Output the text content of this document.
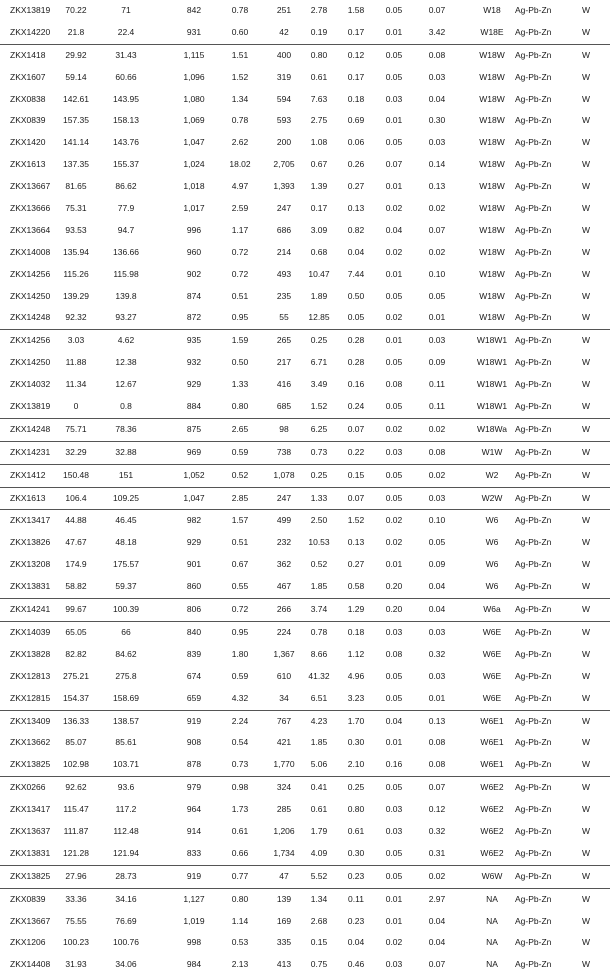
ZKX13819	70.22	71	842	0.78	251	2.78	1.58	0.05	0.07	W18	Ag-Pb-Zn	W
ZKX14220	21.8	22.4	931	0.60	42	0.19	0.17	0.01	3.42	W18E	Ag-Pb-Zn	W
ZKX1418	29.92	31.43	1,115	1.51	400	0.80	0.12	0.05	0.08	W18W	Ag-Pb-Zn	W
ZKX1607	59.14	60.66	1,096	1.52	319	0.61	0.17	0.05	0.03	W18W	Ag-Pb-Zn	W
ZKX0838	142.61	143.95	1,080	1.34	594	7.63	0.18	0.03	0.04	W18W	Ag-Pb-Zn	W
ZKX0839	157.35	158.13	1,069	0.78	593	2.75	0.69	0.01	0.30	W18W	Ag-Pb-Zn	W
ZKX1420	141.14	143.76	1,047	2.62	200	1.08	0.06	0.05	0.03	W18W	Ag-Pb-Zn	W
ZKX1613	137.35	155.37	1,024	18.02	2,705	0.67	0.26	0.07	0.14	W18W	Ag-Pb-Zn	W
ZKX13667	81.65	86.62	1,018	4.97	1,393	1.39	0.27	0.01	0.13	W18W	Ag-Pb-Zn	W
ZKX13666	75.31	77.9	1,017	2.59	247	0.17	0.13	0.02	0.02	W18W	Ag-Pb-Zn	W
ZKX13664	93.53	94.7	996	1.17	686	3.09	0.82	0.04	0.07	W18W	Ag-Pb-Zn	W
ZKX14008	135.94	136.66	960	0.72	214	0.68	0.04	0.02	0.02	W18W	Ag-Pb-Zn	W
ZKX14256	115.26	115.98	902	0.72	493	10.47	7.44	0.01	0.10	W18W	Ag-Pb-Zn	W
ZKX14250	139.29	139.8	874	0.51	235	1.89	0.50	0.05	0.05	W18W	Ag-Pb-Zn	W
ZKX14248	92.32	93.27	872	0.95	55	12.85	0.05	0.02	0.01	W18W	Ag-Pb-Zn	W
ZKX14256	3.03	4.62	935	1.59	265	0.25	0.28	0.01	0.03	W18W1 Ag-Pb-Zn	W
ZKX14250	11.88	12.38	932	0.50	217	6.71	0.28	0.05	0.09	W18W1 Ag-Pb-Zn	W
ZKX14032	11.34	12.67	929	1.33	416	3.49	0.16	0.08	0.11	W18W1 Ag-Pb-Zn	W
ZKX13819	0	0.8	884	0.80	685	1.52	0.24	0.05	0.11	W18W1 Ag-Pb-Zn	W
ZKX14248	75.71	78.36	875	2.65	98	6.25	0.07	0.02	0.02	W18Wa Ag-Pb-Zn	W
ZKX14231	32.29	32.88	969	0.59	738	0.73	0.22	0.03	0.08	W1W	Ag-Pb-Zn	W
ZKX1412	150.48	151	1,052	0.52	1,078	0.25	0.15	0.05	0.02	W2	Ag-Pb-Zn	W
ZKX1613	106.4	109.25	1,047	2.85	247	1.33	0.07	0.05	0.03	W2W	Ag-Pb-Zn	W
ZKX13417	44.88	46.45	982	1.57	499	2.50	1.52	0.02	0.10	W6	Ag-Pb-Zn	W
ZKX13826	47.67	48.18	929	0.51	232	10.53	0.13	0.02	0.05	W6	Ag-Pb-Zn	W
ZKX13208	174.9	175.57	901	0.67	362	0.52	0.27	0.01	0.09	W6	Ag-Pb-Zn	W
ZKX13831	58.82	59.37	860	0.55	467	1.85	0.58	0.20	0.04	W6	Ag-Pb-Zn	W
ZKX14241	99.67	100.39	806	0.72	266	3.74	1.29	0.20	0.04	W6a	Ag-Pb-Zn	W
ZKX14039	65.05	66	840	0.95	224	0.78	0.18	0.03	0.03	W6E	Ag-Pb-Zn	W
ZKX13828	82.82	84.62	839	1.80	1,367	8.66	1.12	0.08	0.32	W6E	Ag-Pb-Zn	W
ZKX12813	275.21	275.8	674	0.59	610	41.32	4.96	0.05	0.03	W6E	Ag-Pb-Zn	W
ZKX12815	154.37	158.69	659	4.32	34	6.51	3.23	0.05	0.01	W6E	Ag-Pb-Zn	W
ZKX13409	136.33	138.57	919	2.24	767	4.23	1.70	0.04	0.13	W6E1	Ag-Pb-Zn	W
ZKX13662	85.07	85.61	908	0.54	421	1.85	0.30	0.01	0.08	W6E1	Ag-Pb-Zn	W
ZKX13825	102.98	103.71	878	0.73	1,770	5.06	2.10	0.16	0.08	W6E1	Ag-Pb-Zn	W
ZKX0266	92.62	93.6	979	0.98	324	0.41	0.25	0.05	0.07	W6E2	Ag-Pb-Zn	W
ZKX13417	115.47	117.2	964	1.73	285	0.61	0.80	0.03	0.12	W6E2	Ag-Pb-Zn	W
ZKX13637	111.87	112.48	914	0.61	1,206	1.79	0.61	0.03	0.32	W6E2	Ag-Pb-Zn	W
ZKX13831	121.28	121.94	833	0.66	1,734	4.09	0.30	0.05	0.31	W6E2	Ag-Pb-Zn	W
ZKX13825	27.96	28.73	919	0.77	47	5.52	0.23	0.05	0.02	W6W	Ag-Pb-Zn	W
ZKX0839	33.36	34.16	1,127	0.80	139	1.34	0.11	0.01	2.97	NA	Ag-Pb-Zn	W
ZKX13667	75.55	76.69	1,019	1.14	169	2.68	0.23	0.01	0.04	NA	Ag-Pb-Zn	W
ZKX1206	100.23	100.76	998	0.53	335	0.15	0.04	0.02	0.04	NA	Ag-Pb-Zn	W
ZKX14408	31.93	34.06	984	2.13	413	0.75	0.46	0.03	0.07	NA	Ag-Pb-Zn	W
